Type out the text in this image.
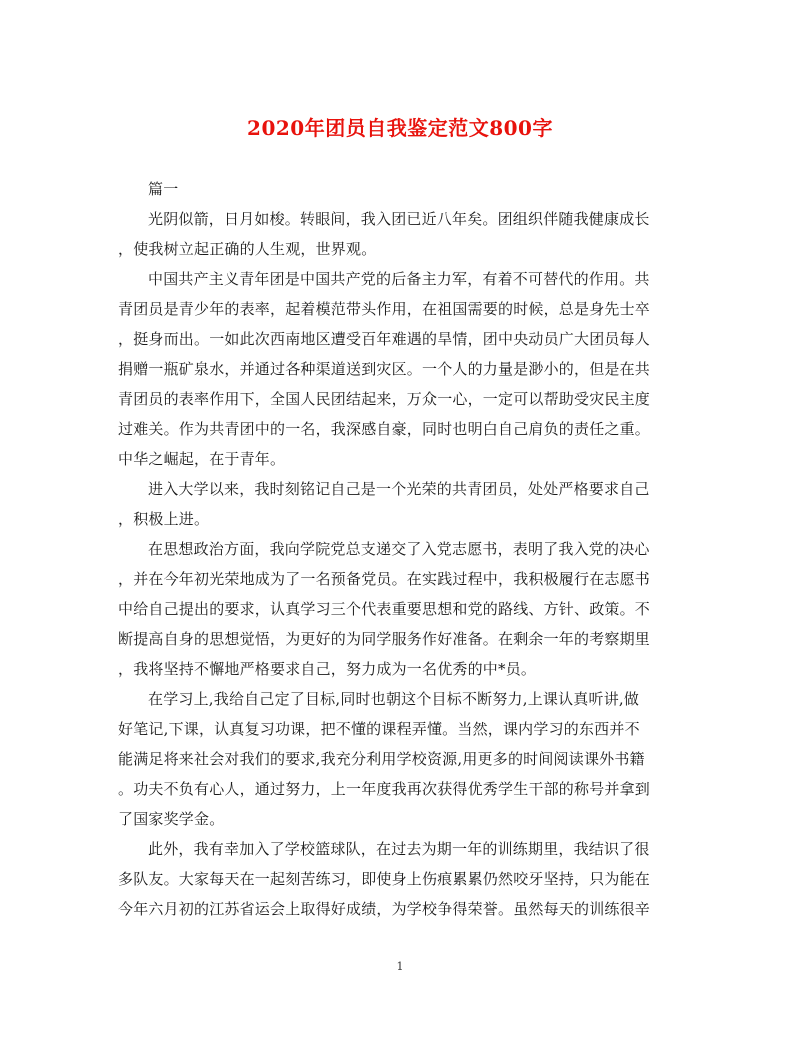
2020年团员自我鉴定范文800字

篇一

光阴似箭，日月如梭。转眼间，我入团已近八年矣。团组织伴随我健康成长
，使我树立起正确的人生观，世界观。

中国共产主义青年团是中国共产党的后备主力军，有着不可替代的作用。共
青团员是青少年的表率，起着模范带头作用，在祖国需要的时候，总是身先士卒
，挺身而出。一如此次西南地区遭受百年难遇的旱情，团中央动员广大团员每人
捐赠一瓶矿泉水，并通过各种渠道送到灾区。一个人的力量是渺小的，但是在共
青团员的表率作用下，全国人民团结起来，万众一心，一定可以帮助受灾民主度
过难关。作为共青团中的一名，我深感自豪，同时也明白自己肩负的责任之重。
中华之崛起，在于青年。

进入大学以来，我时刻铭记自己是一个光荣的共青团员，处处严格要求自己
，积极上进。

在思想政治方面，我向学院党总支递交了入党志愿书，表明了我入党的决心
，并在今年初光荣地成为了一名预备党员。在实践过程中，我积极履行在志愿书
中给自己提出的要求，认真学习三个代表重要思想和党的路线、方针、政策。不
断提高自身的思想觉悟，为更好的为同学服务作好准备。在剩余一年的考察期里
，我将坚持不懈地严格要求自己，努力成为一名优秀的中*员。

在学习上,我给自己定了目标,同时也朝这个目标不断努力,上课认真听讲,做
好笔记,下课，认真复习功课，把不懂的课程弄懂。当然，课内学习的东西并不
能满足将来社会对我们的要求,我充分利用学校资源,用更多的时间阅读课外书籍
。功夫不负有心人，通过努力，上一年度我再次获得优秀学生干部的称号并拿到
了国家奖学金。

此外，我有幸加入了学校篮球队，在过去为期一年的训练期里，我结识了很
多队友。大家每天在一起刻苦练习，即使身上伤痕累累仍然咬牙坚持，只为能在
今年六月初的江苏省运会上取得好成绩，为学校争得荣誉。虽然每天的训练很辛

1
